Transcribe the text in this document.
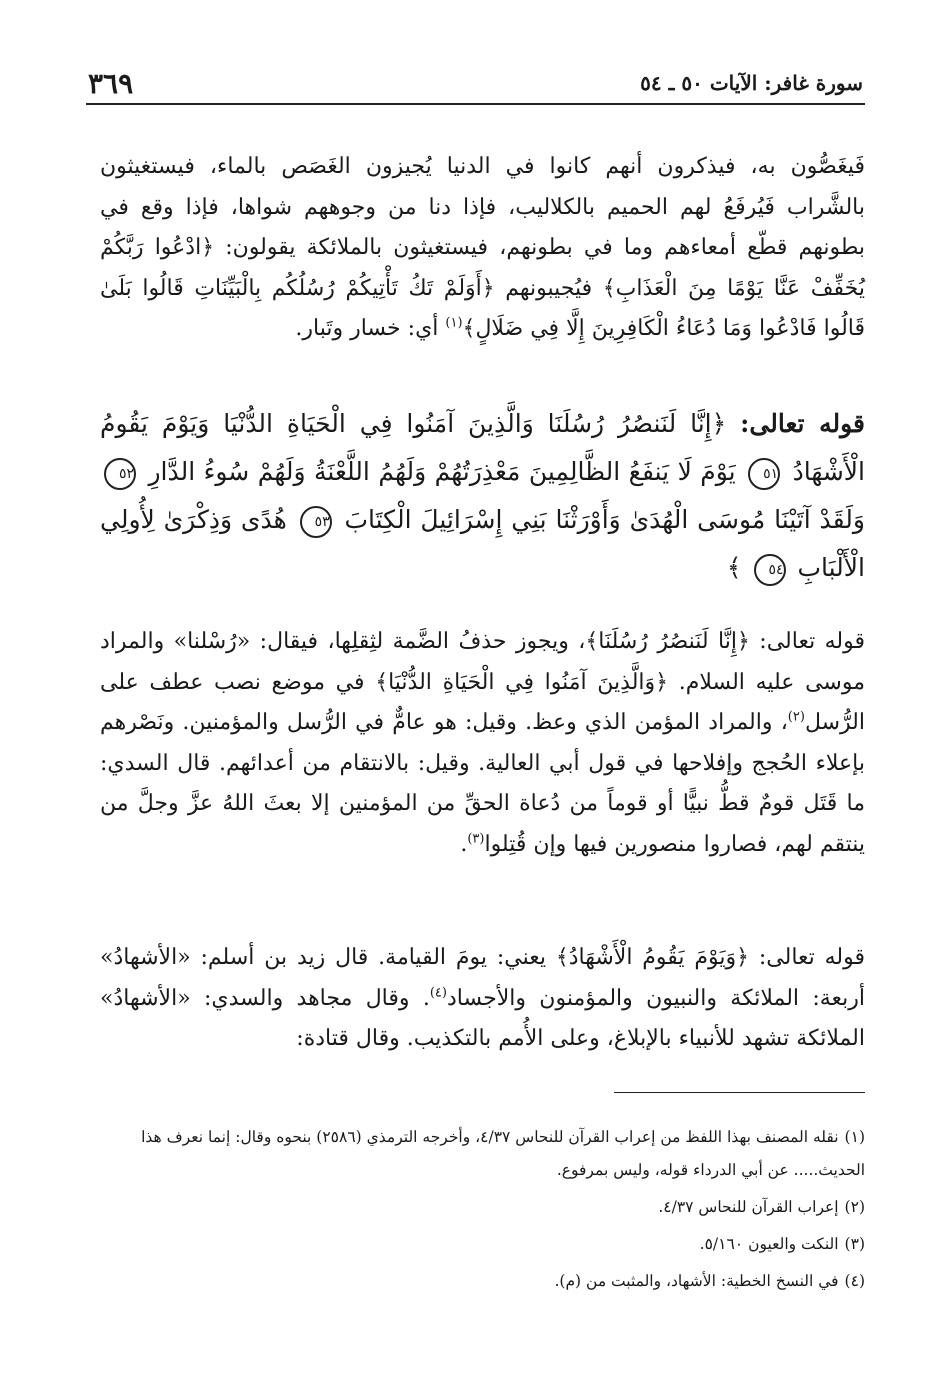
٣٦٩	سورة غافر: الآيات ٥٠ ـ ٥٤
فَيغَصُّون به، فيذكرون أنهم كانوا في الدنيا يُجيزون الغَصَص بالماء، فيستغيثون بالشَّراب فَيُرفَعُ لهم الحميم بالكلاليب، فإذا دنا من وجوههم شواها، فإذا وقع في بطونهم قطّع أمعاءهم وما في بطونهم، فيستغيثون بالملائكة يقولون: ﴿ادْعُوا رَبَّكُمْ يُخَفِّفْ عَنَّا يَوْمًا مِنَ الْعَذَابِ﴾ فيُجيبونهم ﴿أَوَلَمْ تَكُ تَأْتِيكُمْ رُسُلُكُم بِالْبَيِّنَاتِ قَالُوا بَلَىٰ قَالُوا فَادْعُوا وَمَا دُعَاءُ الْكَافِرِينَ إِلَّا فِي ضَلَالٍ﴾$^{(١)}$ أي: خسار وتَبار.
قوله تعالى: ﴿إِنَّا لَنَنصُرُ رُسُلَنَا وَالَّذِينَ آمَنُوا فِي الْحَيَاةِ الدُّنْيَا وَيَوْمَ يَقُومُ الْأَشْهَادُ ٥١ يَوْمَ لَا يَنفَعُ الظَّالِمِينَ مَعْذِرَتُهُمْ وَلَهُمُ اللَّعْنَةُ وَلَهُمْ سُوءُ الدَّارِ ٥٢ وَلَقَدْ آتَيْنَا مُوسَى الْهُدَىٰ وَأَوْرَثْنَا بَنِي إِسْرَائِيلَ الْكِتَابَ ٥٣ هُدًى وَذِكْرَىٰ لِأُولِي الْأَلْبَابِ ٥٤ ﴾
قوله تعالى: ﴿إِنَّا لَنَنصُرُ رُسُلَنَا﴾، ويجوز حذفُ الضَّمة لثِقلِها، فيقال: «رُسْلنا» والمراد موسى عليه السلام. ﴿وَالَّذِينَ آمَنُوا فِي الْحَيَاةِ الدُّنْيَا﴾ في موضع نصب عطف على الرُّسل$^{(٢)}$، والمراد المؤمن الذي وعظ. وقيل: هو عامٌّ في الرُّسل والمؤمنين. ونَصْرهم بإعلاء الحُجج وإفلاحها في قول أبي العالية. وقيل: بالانتقام من أعدائهم. قال السدي: ما قَتَل قومٌ قطُّ نبيًّا أو قوماً من دُعاة الحقِّ من المؤمنين إلا بعثَ اللهُ عزَّ وجلَّ من ينتقم لهم، فصاروا منصورين فيها وإن قُتِلوا$^{(٣)}$.
قوله تعالى: ﴿وَيَوْمَ يَقُومُ الْأَشْهَادُ﴾ يعني: يومَ القيامة. قال زيد بن أسلم: «الأشهادُ» أربعة: الملائكة والنبيون والمؤمنون والأجساد$^{(٤)}$. وقال مجاهد والسدي: «الأشهادُ» الملائكة تشهد للأنبياء بالإبلاغ، وعلى الأُمم بالتكذيب. وقال قتادة:

(١)نقله المصنف بهذا اللفظ من إعراب القرآن للنحاس ٤/٣٧، وأخرجه الترمذي (٢٥٨٦) بنحوه وقال: إنما نعرف هذا الحديث..... عن أبي الدرداء قوله، وليس بمرفوع.

(٢)إعراب القرآن للنحاس ٤/٣٧.

(٣)النكت والعيون ٥/١٦٠.

(٤)في النسخ الخطية: الأشهاد، والمثبت من (م).
